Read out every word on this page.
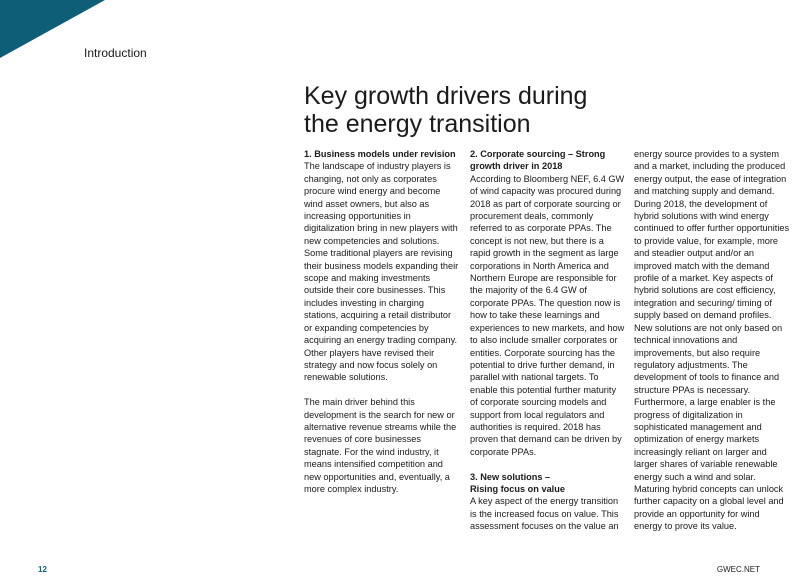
Introduction
Key growth drivers during
the energy transition
1. Business models under revision

The landscape of industry players is changing, not only as corporates procure wind energy and become wind asset owners, but also as increasing opportunities in digitalization bring in new players with new competencies and solutions. Some traditional players are revising their business models expanding their scope and making investments outside their core businesses. This includes investing in charging stations, acquiring a retail distributor or expanding competencies by acquiring an energy trading company. Other players have revised their strategy and now focus solely on renewable solutions.

The main driver behind this development is the search for new or alternative revenue streams while the revenues of core businesses stagnate. For the wind industry, it means intensified competition and new opportunities and, eventually, a more complex industry.

2. Corporate sourcing – Strong growth driver in 2018

According to Bloomberg NEF, 6.4 GW of wind capacity was procured during 2018 as part of corporate sourcing or procurement deals, commonly referred to as corporate PPAs. The concept is not new, but there is a rapid growth in the segment as large corporations in North America and Northern Europe are responsible for the majority of the 6.4 GW of corporate PPAs. The question now is how to take these learnings and experiences to new markets, and how to also include smaller corporates or entities. Corporate sourcing has the potential to drive further demand, in parallel with national targets. To enable this potential further maturity of corporate sourcing models and support from local regulators and authorities is required. 2018 has proven that demand can be driven by corporate PPAs.

3. New solutions –
Rising focus on value

A key aspect of the energy transition is the increased focus on value. This assessment focuses on the value an

energy source provides to a system and a market, including the produced energy output, the ease of integration and matching supply and demand. During 2018, the development of hybrid solutions with wind energy continued to offer further opportunities to provide value, for example, more and steadier output and/or an improved match with the demand profile of a market. Key aspects of hybrid solutions are cost efficiency, integration and securing/ timing of supply based on demand profiles. New solutions are not only based on technical innovations and improvements, but also require regulatory adjustments. The development of tools to finance and structure PPAs is necessary. Furthermore, a large enabler is the progress of digitalization in sophisticated management and optimization of energy markets increasingly reliant on larger and larger shares of variable renewable energy such a wind and solar. Maturing hybrid concepts can unlock further capacity on a global level and provide an opportunity for wind energy to prove its value.

12	GWEC.NET
